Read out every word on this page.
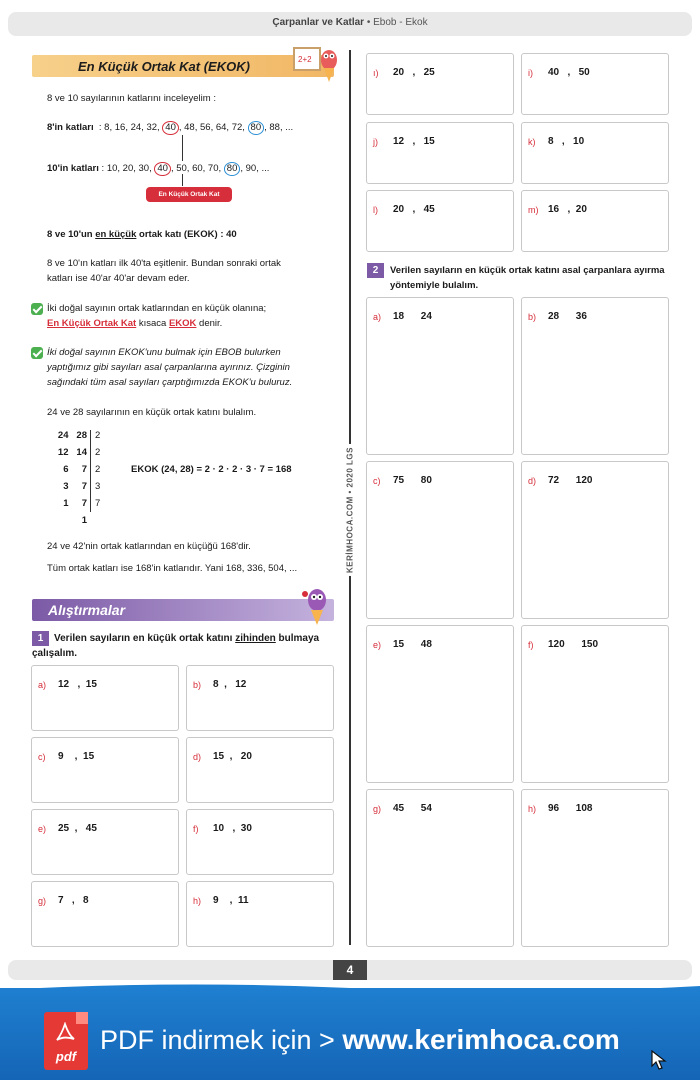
Çarpanlar ve Katlar • Ebob - Ekok
KERİMHOCA.COM • 2020 LGS
En Küçük Ortak Kat (EKOK)	2+2
8 ve 10 sayılarının katlarını inceleyelim :
8'in katları : 8, 16, 24, 32, 40 , 48, 56, 64, 72, 80 , 88, ...
10'in katları : 10, 20, 30, 40 , 50, 60, 70, 80 , 90, ...
En Küçük Ortak Kat
8 ve 10'un en küçük ortak katı (EKOK) : 40
8 ve 10'ın katları ilk 40'ta eşitlenir. Bundan sonraki ortak
katları ise 40'ar 40'ar devam eder.
İki doğal sayının ortak katlarından en küçük olanına;
En Küçük Ortak Kat kısaca EKOK denir.
İki doğal sayının EKOK'unu bulmak için EBOB bulurken
yaptığımız gibi sayıları asal çarpanlarına ayırınız. Çizginin
sağındaki tüm asal sayıları çarptığımızda EKOK'u buluruz.
24 ve 28 sayılarının en küçük ortak katını bulalım.
24 28 2
12 14 2
6 7 2
3 7 3
1 7 7
1
EKOK (24, 28) = 2 · 2 · 2 · 3 · 7 = 168
24 ve 42'nin ortak katlarından en küçüğü 168'dir.
Tüm ortak katları ise 168'in katlarıdır. Yani 168, 336, 504, ...
Alıştırmalar
1	Verilen sayıların en küçük ortak katını zihinden bulmaya
çalışalım.
a) 12   ,  15	b) 8  ,   12
c) 9    ,  15	d) 15  ,   20
e) 25  ,   45	f) 10   ,  30
g) 7   ,   8	h) 9    ,  11
ı) 20   ,   25	i) 40   ,   50
j) 12   ,   15	k) 8   ,   10
l) 20   ,   45	m) 16   ,  20
2	Verilen sayıların en küçük ortak katını asal çarpanlara ayırma
yöntemiyle bulalım.
a) 18      24	b) 28      36
c) 75      80	d) 72      120
e) 15      48	f) 120      150
g) 45      54	h) 96      108
4
pdf
PDF indirmek için > www.kerimhoca.com
